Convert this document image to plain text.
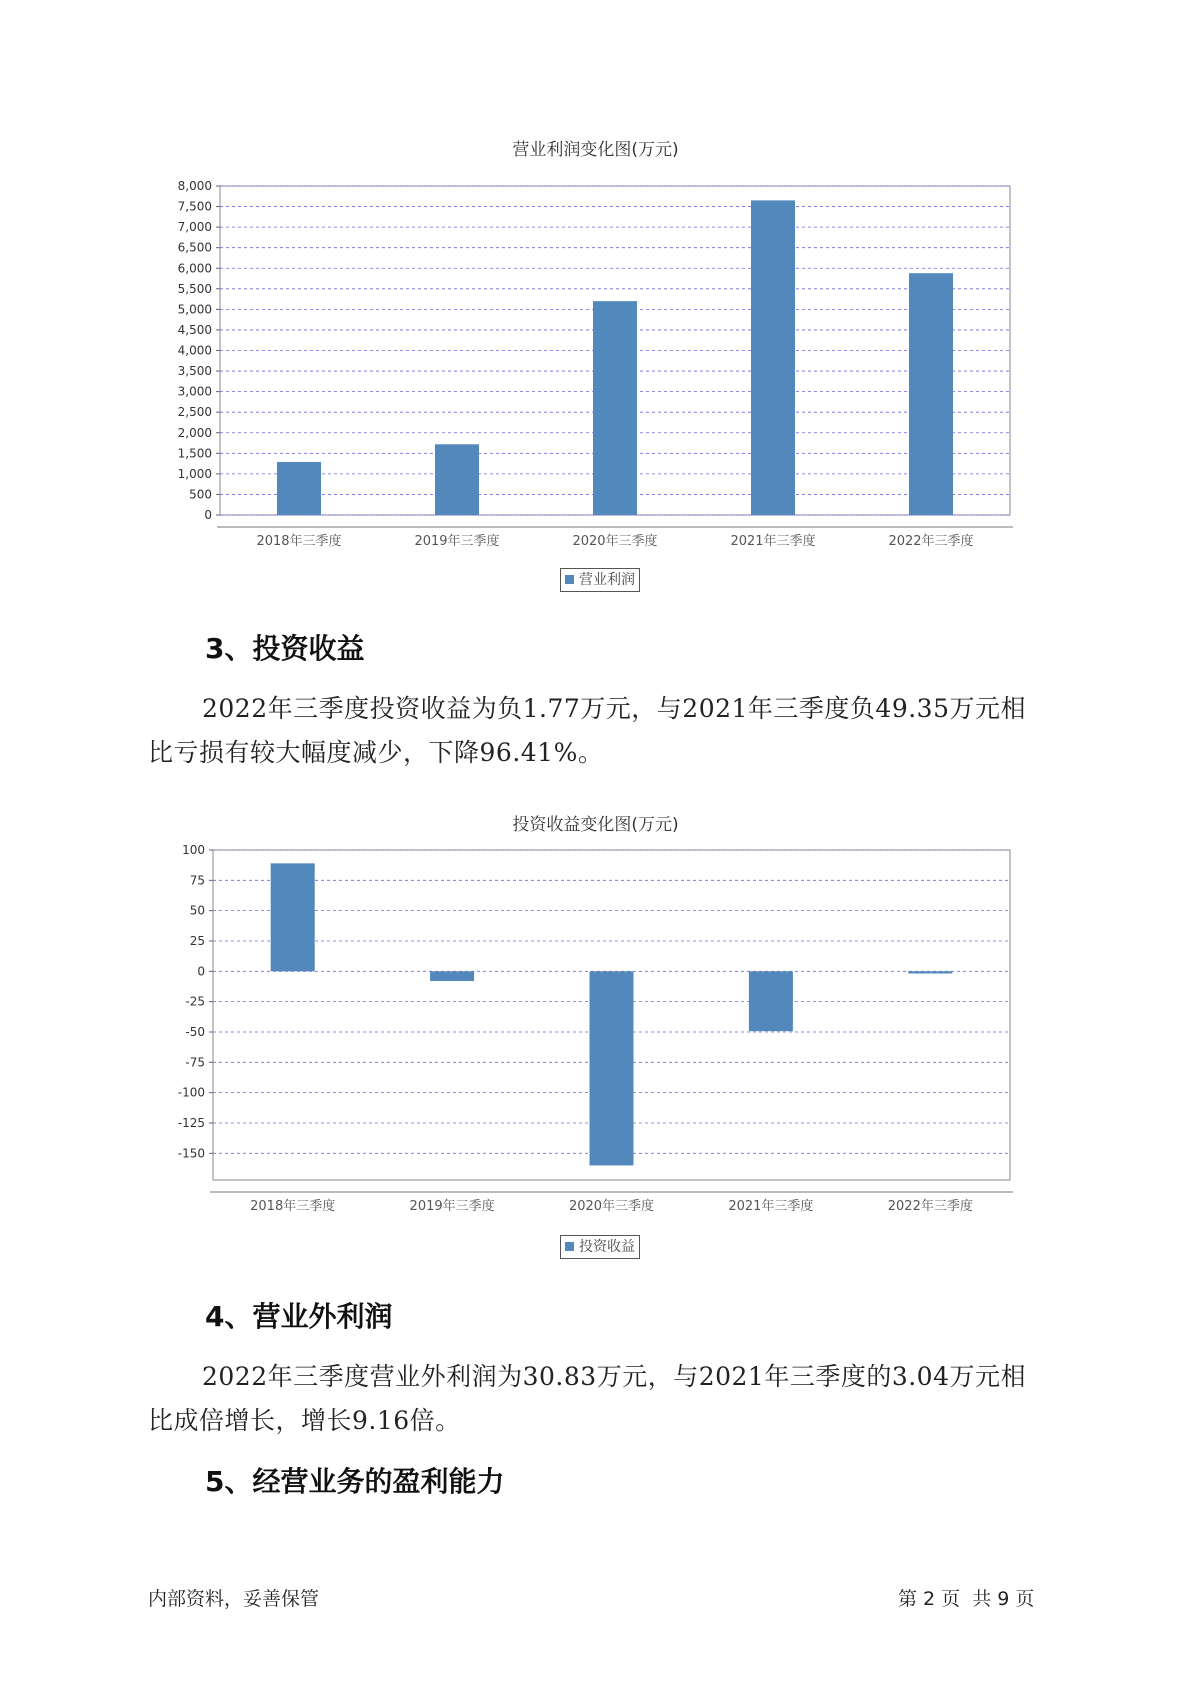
营业利润变化图(万元)
0
500
1,000
1,500
2,000
2,500
3,000
3,500
4,000
4,500
5,000
5,500
6,000
6,500
7,000
7,500
8,000
2018年三季度	2019年三季度	2020年三季度	2021年三季度	2022年三季度
营业利润
3、投资收益

2022年三季度投资收益为负1.77万元，与2021年三季度负49.35万元相

比亏损有较大幅度减少，下降96.41%。

投资收益变化图(万元)
-150
-125
-100
-75
-50
-25
0
25
50
75
100
2018年三季度	2019年三季度	2020年三季度	2021年三季度	2022年三季度
投资收益
4、营业外利润

2022年三季度营业外利润为30.83万元，与2021年三季度的3.04万元相

比成倍增长，增长9.16倍。

5、经营业务的盈利能力
内部资料，妥善保管	第 2 页  共 9 页
